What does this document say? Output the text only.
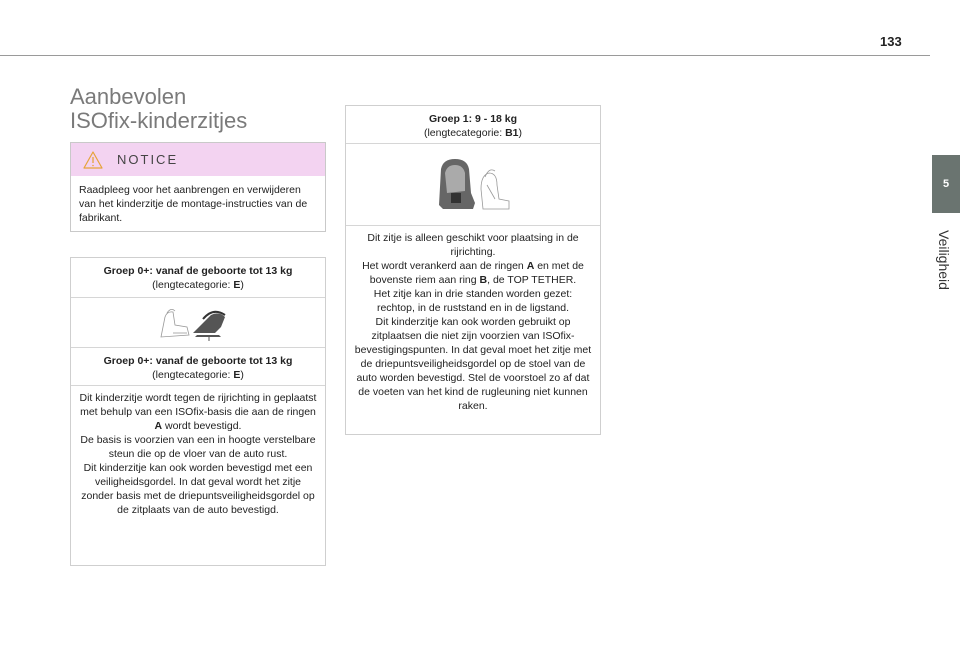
133
5
Veiligheid
Aanbevolen
ISOfix-kinderzitjes
NOTICE
Raadpleeg voor het aanbrengen en verwijderen van het kinderzitje de montage-instructies van de fabrikant.
Groep 0+: vanaf de geboorte tot 13 kg
(lengtecategorie: E)
Groep 0+: vanaf de geboorte tot 13 kg
(lengtecategorie: E)
Dit kinderzitje wordt tegen de rijrichting in geplaatst met behulp van een ISOfix-basis die aan de ringen A wordt bevestigd.
De basis is voorzien van een in hoogte verstelbare steun die op de vloer van de auto rust.
Dit kinderzitje kan ook worden bevestigd met een veiligheidsgordel. In dat geval wordt het zitje zonder basis met de driepuntsveiligheidsgordel op de zitplaats van de auto bevestigd.
Groep 1: 9 - 18 kg
(lengtecategorie: B1)
Dit zitje is alleen geschikt voor plaatsing in de rijrichting.
Het wordt verankerd aan de ringen A en met de bovenste riem aan ring B, de TOP TETHER.
Het zitje kan in drie standen worden gezet: rechtop, in de ruststand en in de ligstand.
Dit kinderzitje kan ook worden gebruikt op zitplaatsen die niet zijn voorzien van ISOfix-bevestigingspunten. In dat geval moet het zitje met de driepuntsveiligheidsgordel op de stoel van de auto worden bevestigd. Stel de voorstoel zo af dat de voeten van het kind de rugleuning niet kunnen raken.
